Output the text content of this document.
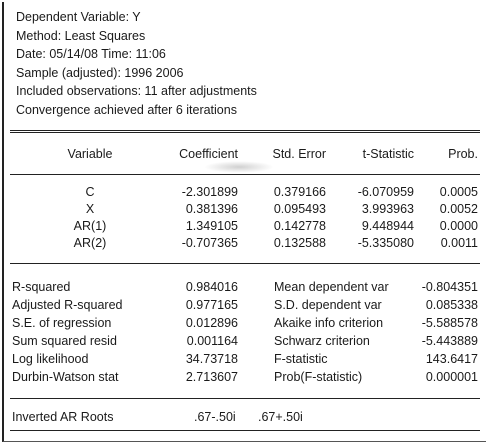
Dependent Variable: Y
Method: Least Squares
Date: 05/14/08 Time: 11:06
Sample (adjusted): 1996 2006
Included observations: 11 after adjustments
Convergence achieved after 6 iterations
Variable	Coefficient	Std. Error	t-Statistic	Prob.
C	-2.301899	0.379166	-6.070959	0.0005
X	0.381396	0.095493	3.993963	0.0052
AR(1)	1.349105	0.142778	9.448944	0.0000
AR(2)	-0.707365	0.132588	-5.335080	0.0011
R-squared	0.984016	Mean dependent var	-0.804351
Adjusted R-squared	0.977165	S.D. dependent var	0.085338
S.E. of regression	0.012896	Akaike info criterion	-5.588578
Sum squared resid	0.001164	Schwarz criterion	-5.443889
Log likelihood	34.73718	F-statistic	143.6417
Durbin-Watson stat	2.713607	Prob(F-statistic)	0.000001
Inverted AR Roots	.67-.50i .67+.50i
